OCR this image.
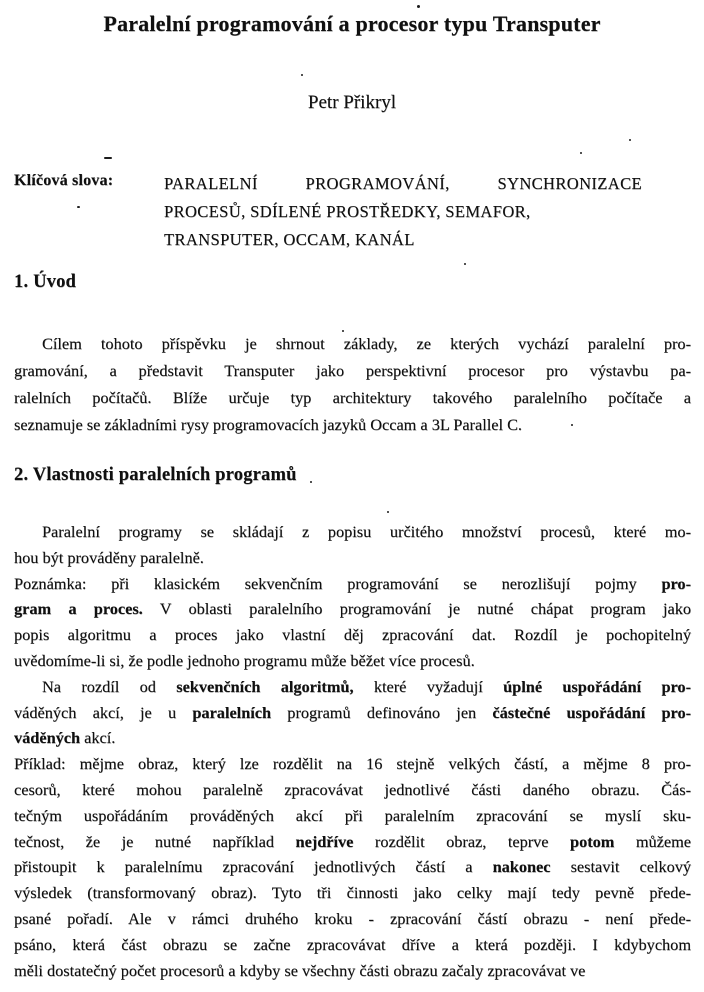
Paralelní programování a procesor typu Transputer
Petr Přikryl
Klíčová slova:	PARALELNÍ PROGRAMOVÁNÍ, SYNCHRONIZACE
PROCESŮ, SDÍLENÉ PROSTŘEDKY, SEMAFOR,
TRANSPUTER, OCCAM, KANÁL
1. Úvod
Cílem tohoto příspěvku je shrnout základy, ze kterých vychází paralelní pro-
gramování, a představit Transputer jako perspektivní procesor pro výstavbu pa-
ralelních počítačů. Blíže určuje typ architektury takového paralelního počítače a
seznamuje se základními rysy programovacích jazyků Occam a 3L Parallel C.
2. Vlastnosti paralelních programů
Paralelní programy se skládají z popisu určitého množství procesů, které mo-
hou být prováděny paralelně.
Poznámka: při klasickém sekvenčním programování se nerozlišují pojmy pro-
gram a proces. V oblasti paralelního programování je nutné chápat program jako
popis algoritmu a proces jako vlastní děj zpracování dat. Rozdíl je pochopitelný
uvědomíme-li si, že podle jednoho programu může běžet více procesů.
Na rozdíl od sekvenčních algoritmů, které vyžadují úplné uspořádání pro-
váděných akcí, je u paralelních programů definováno jen částečné uspořádání pro-
váděných akcí.
Příklad: mějme obraz, který lze rozdělit na 16 stejně velkých částí, a mějme 8 pro-
cesorů, které mohou paralelně zpracovávat jednotlivé části daného obrazu. Čás-
tečným uspořádáním prováděných akcí při paralelním zpracování se myslí sku-
tečnost, že je nutné například nejdříve rozdělit obraz, teprve potom můžeme
přistoupit k paralelnímu zpracování jednotlivých částí a nakonec sestavit celkový
výsledek (transformovaný obraz). Tyto tři činnosti jako celky mají tedy pevně přede-
psané pořadí. Ale v rámci druhého kroku - zpracování částí obrazu - není přede-
psáno, která část obrazu se začne zpracovávat dříve a která později. I kdybychom
měli dostatečný počet procesorů a kdyby se všechny části obrazu začaly zpracovávat ve
